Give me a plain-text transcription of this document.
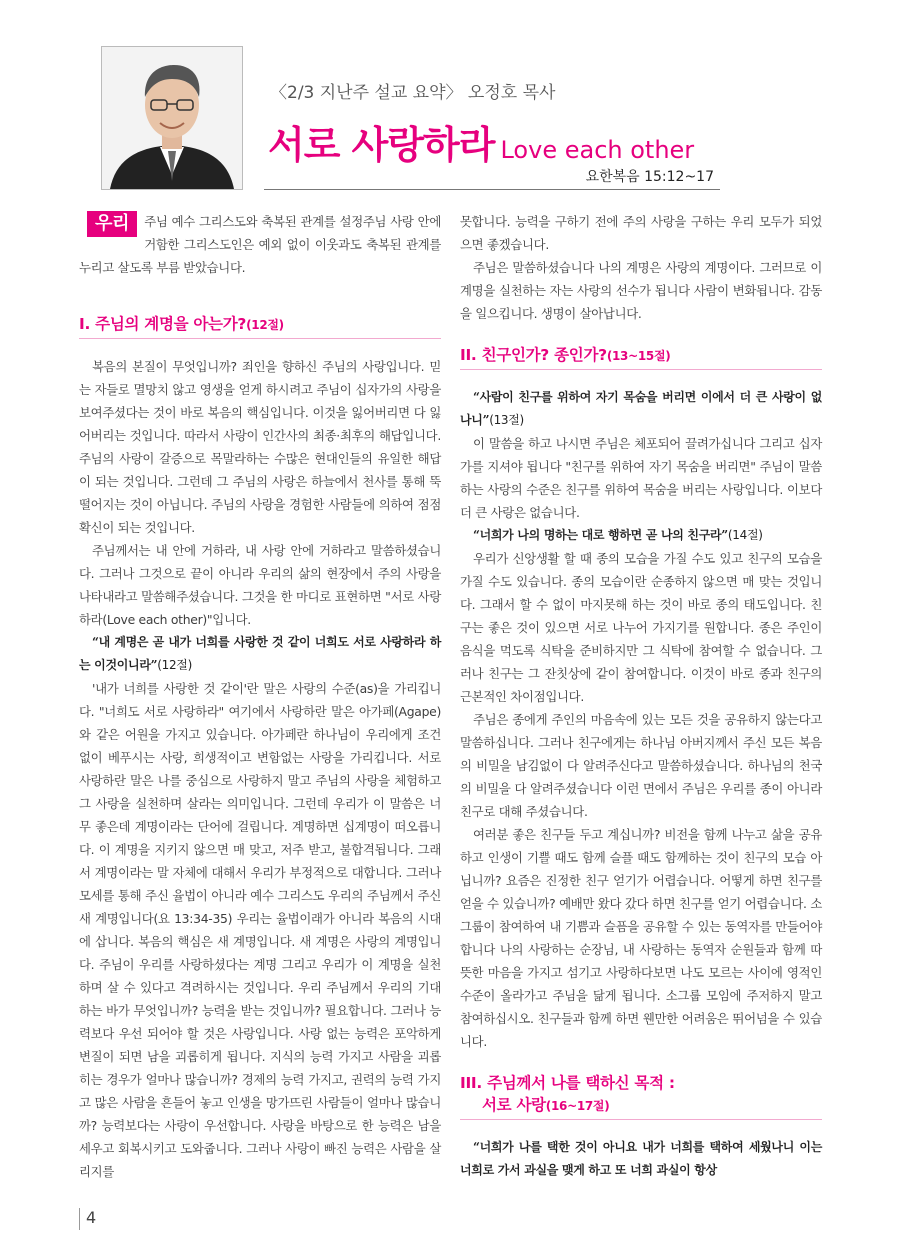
〈2/3 지난주 설교 요약〉 오정호 목사
서로 사랑하라 Love each other
요한복음 15:12~17
우리	주님 예수 그리스도와 축복된 관계를 설정주님 사랑 안에 거함한 그리스도인은 예외 없이 이웃과도 축복된 관계를 누리고 살도록 부름 받았습니다.

I. 주님의 계명을 아는가?(12절)

복음의 본질이 무엇입니까? 죄인을 향하신 주님의 사랑입니다. 믿는 자들로 멸망치 않고 영생을 얻게 하시려고 주님이 십자가의 사랑을 보여주셨다는 것이 바로 복음의 핵심입니다. 이것을 잃어버리면 다 잃어버리는 것입니다. 따라서 사랑이 인간사의 최종·최후의 해답입니다. 주님의 사랑이 갈증으로 목말라하는 수많은 현대인들의 유일한 해답이 되는 것입니다. 그런데 그 주님의 사랑은 하늘에서 천사를 통해 뚝 떨어지는 것이 아닙니다. 주님의 사랑을 경험한 사람들에 의하여 점점 확신이 되는 것입니다.

주님께서는 내 안에 거하라, 내 사랑 안에 거하라고 말씀하셨습니다. 그러나 그것으로 끝이 아니라 우리의 삶의 현장에서 주의 사랑을 나타내라고 말씀해주셨습니다. 그것을 한 마디로 표현하면 "서로 사랑하라(Love each other)"입니다.

“내 계명은 곧 내가 너희를 사랑한 것 같이 너희도 서로 사랑하라 하는 이것이니라”(12절)

'내가 너희를 사랑한 것 같이'란 말은 사랑의 수준(as)을 가리킵니다. "너희도 서로 사랑하라" 여기에서 사랑하란 말은 아가페(Agape)와 같은 어원을 가지고 있습니다. 아가페란 하나님이 우리에게 조건 없이 베푸시는 사랑, 희생적이고 변함없는 사랑을 가리킵니다. 서로 사랑하란 말은 나를 중심으로 사랑하지 말고 주님의 사랑을 체험하고 그 사랑을 실천하며 살라는 의미입니다. 그런데 우리가 이 말씀은 너무 좋은데 계명이라는 단어에 걸립니다. 계명하면 십계명이 떠오릅니다. 이 계명을 지키지 않으면 매 맞고, 저주 받고, 불합격됩니다. 그래서 계명이라는 말 자체에 대해서 우리가 부정적으로 대합니다. 그러나 모세를 통해 주신 율법이 아니라 예수 그리스도 우리의 주님께서 주신 새 계명입니다(요 13:34-35) 우리는 율법이래가 아니라 복음의 시대에 삽니다. 복음의 핵심은 새 계명입니다. 새 계명은 사랑의 계명입니다. 주님이 우리를 사랑하셨다는 계명 그리고 우리가 이 계명을 실천하며 살 수 있다고 격려하시는 것입니다. 우리 주님께서 우리의 기대하는 바가 무엇입니까? 능력을 받는 것입니까? 필요합니다. 그러나 능력보다 우선 되어야 할 것은 사랑입니다. 사랑 없는 능력은 포악하게 변질이 되면 남을 괴롭히게 됩니다. 지식의 능력 가지고 사람을 괴롭히는 경우가 얼마나 많습니까? 경제의 능력 가지고, 권력의 능력 가지고 많은 사람을 흔들어 놓고 인생을 망가뜨린 사람들이 얼마나 많습니까? 능력보다는 사랑이 우선합니다. 사랑을 바탕으로 한 능력은 남을 세우고 회복시키고 도와줍니다. 그러나 사랑이 빠진 능력은 사람을 살리지를

못합니다. 능력을 구하기 전에 주의 사랑을 구하는 우리 모두가 되었으면 좋겠습니다.

주님은 말씀하셨습니다 나의 계명은 사랑의 계명이다. 그러므로 이 계명을 실천하는 자는 사랑의 선수가 됩니다 사람이 변화됩니다. 감동을 일으킵니다. 생명이 살아납니다.

II. 친구인가? 종인가?(13~15절)

“사람이 친구를 위하여 자기 목숨을 버리면 이에서 더 큰 사랑이 없나니”(13절)

이 말씀을 하고 나시면 주님은 체포되어 끌려가십니다 그리고 십자가를 지셔야 됩니다 "친구를 위하여 자기 목숨을 버리면" 주님이 말씀하는 사랑의 수준은 친구를 위하여 목숨을 버리는 사랑입니다. 이보다 더 큰 사랑은 없습니다.

“너희가 나의 명하는 대로 행하면 곧 나의 친구라”(14절)

우리가 신앙생활 할 때 종의 모습을 가질 수도 있고 친구의 모습을 가질 수도 있습니다. 종의 모습이란 순종하지 않으면 매 맞는 것입니다. 그래서 할 수 없이 마지못해 하는 것이 바로 종의 태도입니다. 친구는 좋은 것이 있으면 서로 나누어 가지기를 원합니다. 종은 주인이 음식을 먹도록 식탁을 준비하지만 그 식탁에 참여할 수 없습니다. 그러나 친구는 그 잔칫상에 같이 참여합니다. 이것이 바로 종과 친구의 근본적인 차이점입니다.

주님은 종에게 주인의 마음속에 있는 모든 것을 공유하지 않는다고 말씀하십니다. 그러나 친구에게는 하나님 아버지께서 주신 모든 복음의 비밀을 남김없이 다 알려주신다고 말씀하셨습니다. 하나님의 천국의 비밀을 다 알려주셨습니다 이런 면에서 주님은 우리를 종이 아니라 친구로 대해 주셨습니다.

여러분 좋은 친구들 두고 계십니까? 비전을 함께 나누고 삶을 공유하고 인생이 기쁠 때도 함께 슬플 때도 함께하는 것이 친구의 모습 아닙니까? 요즘은 진정한 친구 얻기가 어렵습니다. 어떻게 하면 친구를 얻을 수 있습니까? 예배만 왔다 갔다 하면 친구를 얻기 어렵습니다. 소그룹이 참여하여 내 기쁨과 슬픔을 공유할 수 있는 동역자를 만들어야 합니다 나의 사랑하는 순장님, 내 사랑하는 동역자 순원들과 함께 따뜻한 마음을 가지고 섬기고 사랑하다보면 나도 모르는 사이에 영적인 수준이 올라가고 주님을 닮게 됩니다. 소그룹 모임에 주저하지 말고 참여하십시오. 친구들과 함께 하면 웬만한 어려움은 뛰어넘을 수 있습니다.

III. 주님께서 나를 택하신 목적 :
서로 사랑(16~17절)

“너희가 나를 택한 것이 아니요 내가 너희를 택하여 세웠나니 이는 너희로 가서 과실을 맺게 하고 또 너희 과실이 항상

4
